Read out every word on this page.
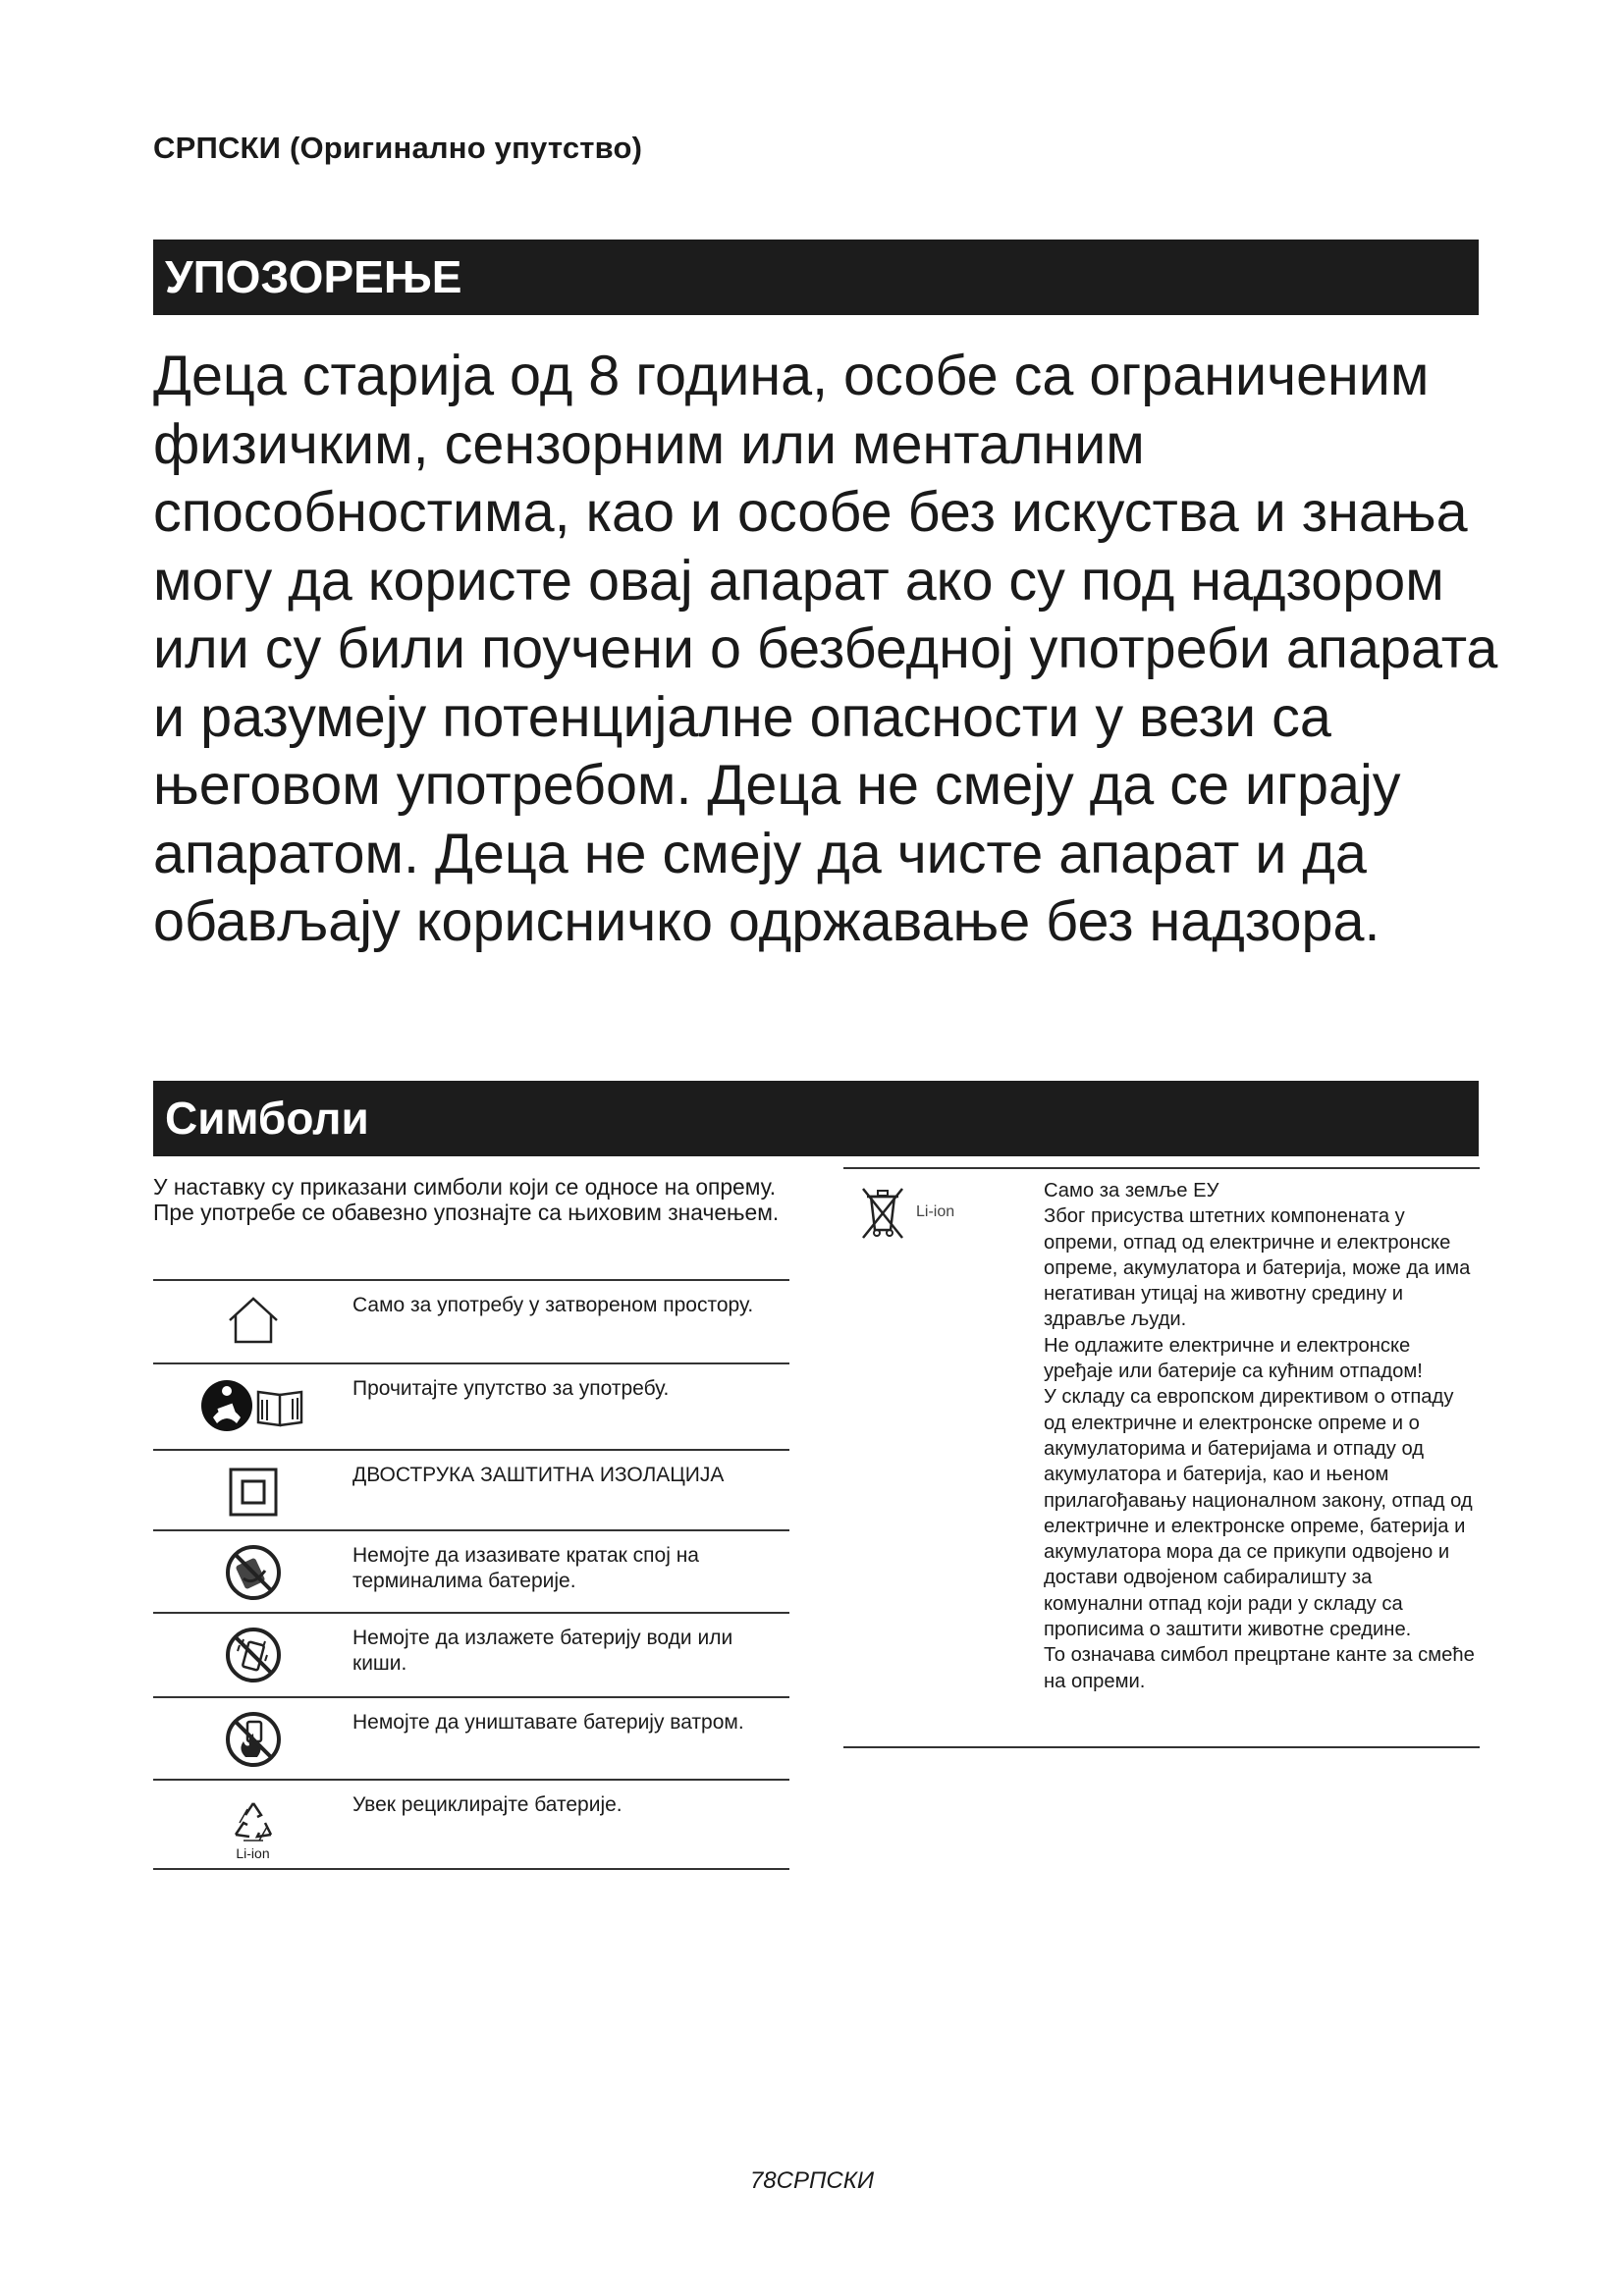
СРПСКИ (Оригинално упутство)
УПОЗОРЕЊЕ
Деца старија од 8 година, особе са ограниченим физичким, сензорним или менталним способностима, као и особе без искуства и знања могу да користе овај апарат ако су под надзором или су били поучени о безбедној употреби апарата и разумеју потенцијалне опасности у вези са његовом употребом. Деца не смеју да се играју апаратом. Деца не смеју да чисте апарат и да обављају корисничко одржавање без надзора.
Симболи
У наставку су приказани симболи који се односе на опрему. Пре употребе се обавезно упознајте са њиховим значењем.
Само за употребу у затвореном простору.
Прочитајте упутство за употребу.
ДВОСТРУКА ЗАШТИТНА ИЗОЛАЦИЈА
Немојте да изазивате кратак спој на терминалима батерије.
Немојте да излажете батерију води или киши.
Немојте да уништавате батерију ватром.
Li-ion
Увек рециклирајте батерије.
Li-ion
Само за земље ЕУ
Због присуства штетних компонената у опреми, отпад од електричне и електронске опреме, акумулатора и батерија, може да има негативан утицај на животну средину и здравље људи.
Не одлажите електричне и електронске уређаје или батерије са кућним отпадом!
У складу са европском директивом о отпаду од електричне и електронске опреме и о акумулаторима и батеријама и отпаду од акумулатора и батерија, као и њеном прилагођавању националном закону, отпад од електричне и електронске опреме, батерија и акумулатора мора да се прикупи одвојено и достави одвојеном сабиралишту за комунални отпад који ради у складу са прописима о заштити животне средине.
То означава симбол прецртане канте за смеће на опреми.
78СРПСКИ
